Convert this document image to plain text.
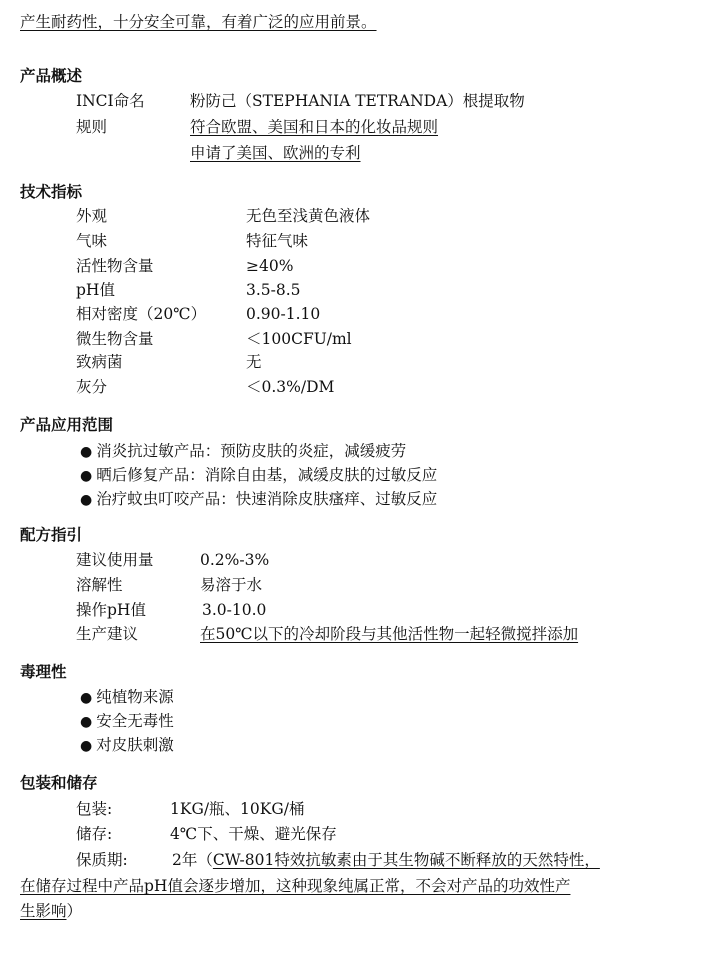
产生耐药性，十分安全可靠，有着广泛的应用前景。
产品概述
INCI命名	粉防己（STEPHANIA TETRANDA）根提取物
规则	符合欧盟、美国和日本的化妆品规则
申请了美国、欧洲的专利
技术指标
外观	无色至浅黄色液体
气味	特征气味
活性物含量	≥40%
pH值	3.5-8.5
相对密度（20℃）	0.90-1.10
微生物含量	＜100CFU/ml
致病菌	无
灰分	＜0.3%/DM
产品应用范围
● 消炎抗过敏产品：预防皮肤的炎症，减缓疲劳
● 晒后修复产品：消除自由基，减缓皮肤的过敏反应
● 治疗蚊虫叮咬产品：快速消除皮肤瘙痒、过敏反应
配方指引
建议使用量	0.2%-3%
溶解性	易溶于水
操作pH值	3.0-10.0
生产建议	在50℃以下的冷却阶段与其他活性物一起轻微搅拌添加
毒理性
● 纯植物来源
● 安全无毒性
● 对皮肤刺激
包装和储存
包装:	1KG/瓶、10KG/桶
储存:	4℃下、干燥、避光保存
保质期:	2年（CW-801特效抗敏素由于其生物碱不断释放的天然特性，
在储存过程中产品pH值会逐步增加，这种现象纯属正常，不会对产品的功效性产
生影响）
